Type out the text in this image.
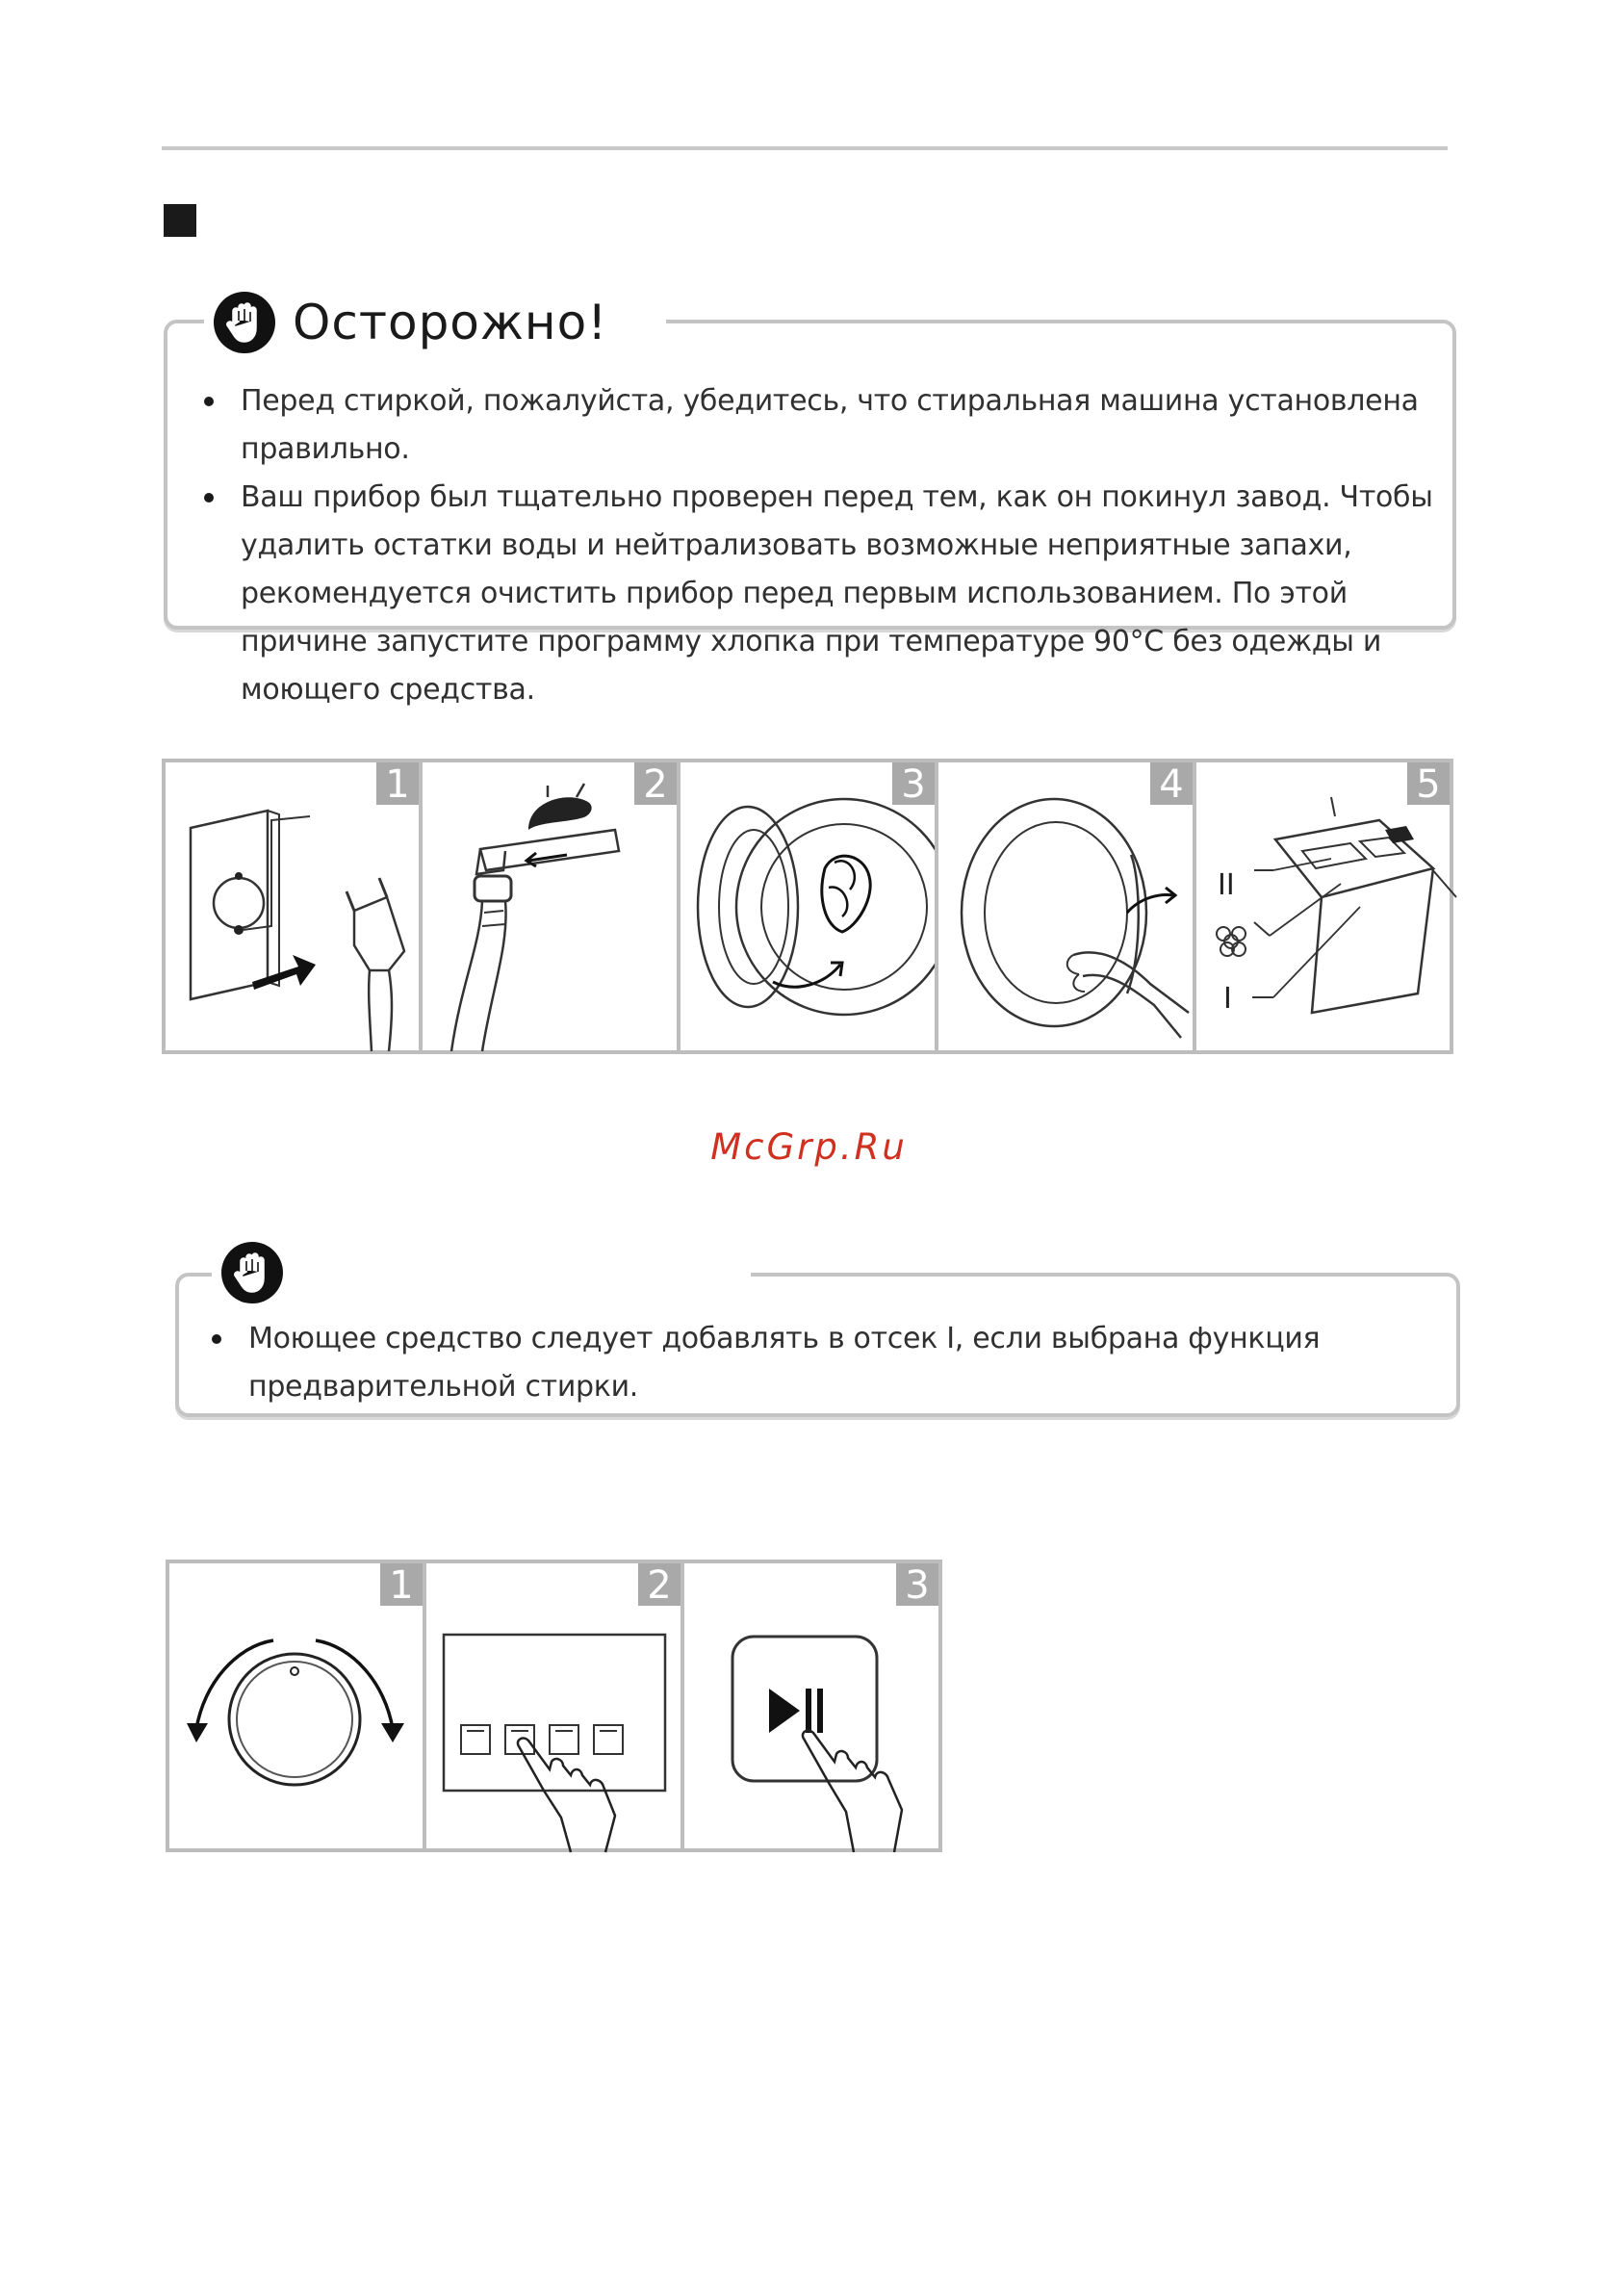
Перед стиркой, пожалуйста, убедитесь, что стиральная машина установлена правильно.
Ваш прибор был тщательно проверен перед тем, как он покинул завод. Чтобы удалить остатки воды и нейтрализовать возможные неприятные запахи, рекомендуется очистить прибор перед первым использованием. По этой причине запустите программу хлопка при температуре 90°С без одежды и моющего средства.
Осторожно!
1	2	3	4	5
II
I
McGrp.Ru
Моющее средство следует добавлять в отсек I, если выбрана функция предварительной стирки.
1	2	3
